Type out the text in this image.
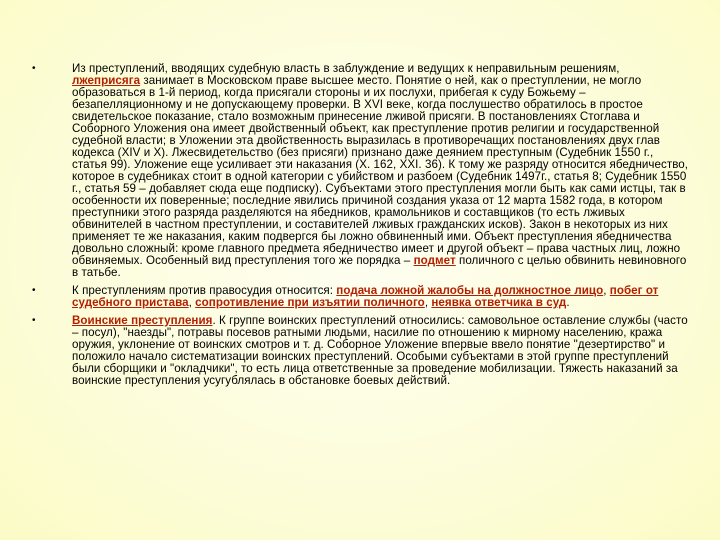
•	Из преступлений, вводящих судебную власть в заблуждение и ведущих к неправильным решениям, лжеприсяга занимает в Московском праве высшее место. Понятие о ней, как о преступлении, не могло образоваться в 1-й период, когда присягали стороны и их послухи, прибегая к суду Божьему – безапелляционному и не допускающему проверки. В XVI веке, когда послушество обратилось в простое свидетельское показание, стало возможным принесение лживой присяги. В постановлениях Стоглава и Соборного Уложения она имеет двойственный объект, как преступление против религии и государственной судебной власти; в Уложении эта двойственность выразилась в противоречащих постановлениях двух глав кодекса (XIV и X). Лжесвидетельство (без присяги) признано даже деянием преступным (Судебник 1550 г., статья 99). Уложение еще усиливает эти наказания (X. 162, XXI. 36). К тому же разряду относится ябедничество, которое в судебниках стоит в одной категории с убийством и разбоем (Судебник 1497г., статья 8; Судебник 1550 г., статья 59 – добавляет сюда еще подписку). Субъектами этого преступления могли быть как сами истцы, так в особенности их поверенные; последние явились причиной создания указа от 12 марта 1582 года, в котором преступники этого разряда разделяются на ябедников, крамольников и составщиков (то есть лживых обвинителей в частном преступлении, и составителей лживых гражданских исков). Закон в некоторых из них применяет те же наказания, каким подвергся бы ложно обвиненный ими. Объект преступления ябедничества довольно сложный: кроме главного предмета ябедничество имеет и другой объект – права частных лиц, ложно обвиняемых. Особенный вид преступления того же порядка – подмет поличного с целью обвинить невиновного в татьбе.
•	К преступлениям против правосудия относится: подача ложной жалобы на должностное лицо, побег от судебного пристава, сопротивление при изъятии поличного, неявка ответчика в суд.
•	Воинские преступления. К группе воинских преступлений относились: самовольное оставление службы (часто – посул), "наезды", потравы посевов ратными людьми, насилие по отношению к мирному населению, кража оружия, уклонение от воинских смотров и т. д. Соборное Уложение впервые ввело понятие "дезертирство" и положило начало систематизации воинских преступлений. Особыми субъектами в этой группе преступлений были сборщики и "окладчики", то есть лица ответственные за проведение мобилизации. Тяжесть наказаний за воинские преступления усугублялась в обстановке боевых действий.
